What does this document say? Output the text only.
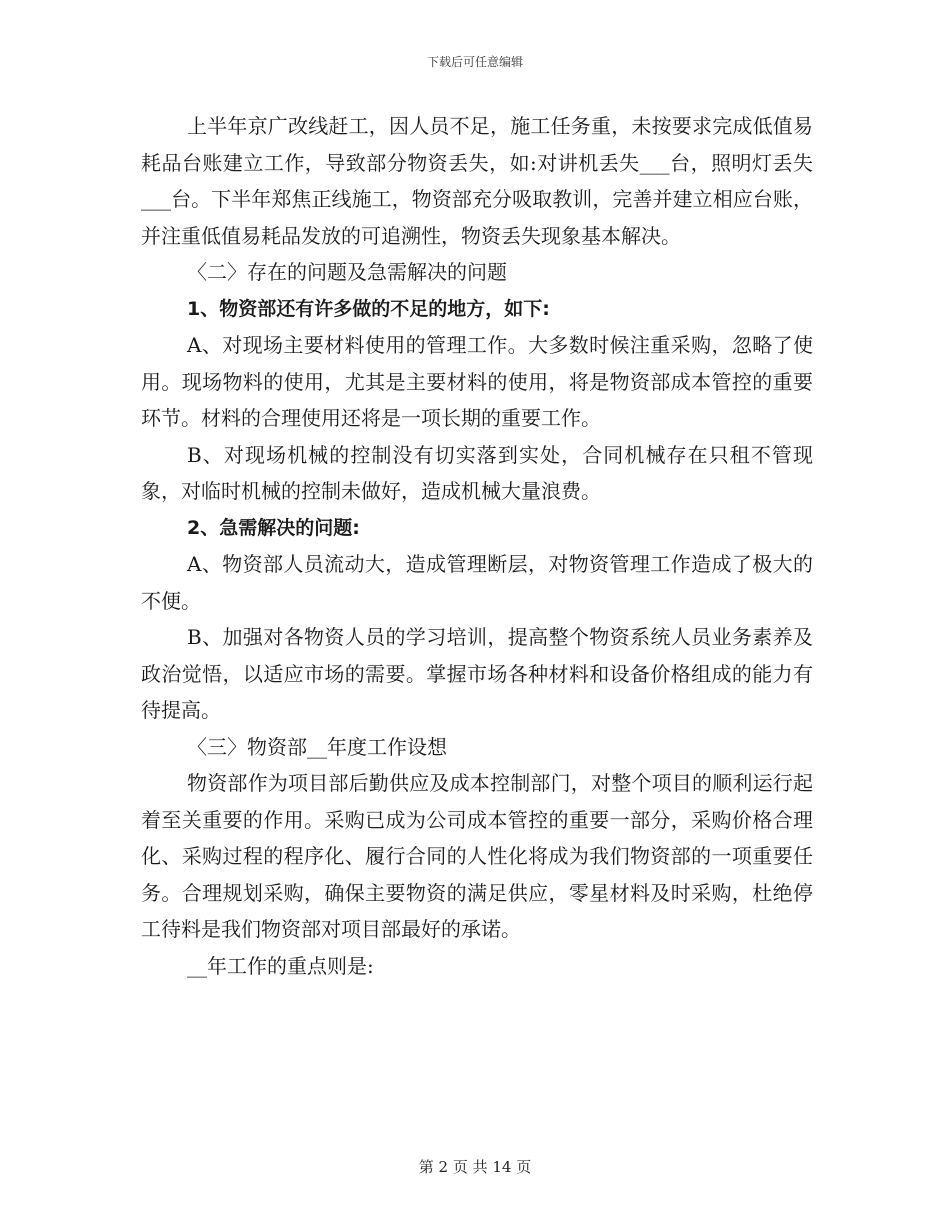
下载后可任意编辑

上半年京广改线赶工，因人员不足，施工任务重，未按要求完成低值易耗品台账建立工作，导致部分物资丢失，如:对讲机丢失___台，照明灯丢失___台。下半年郑焦正线施工，物资部充分吸取教训，完善并建立相应台账，并注重低值易耗品发放的可追溯性，物资丢失现象基本解决。

〈二〉存在的问题及急需解决的问题

1、物资部还有许多做的不足的地方，如下:

A、对现场主要材料使用的管理工作。大多数时候注重采购，忽略了使用。现场物料的使用，尤其是主要材料的使用，将是物资部成本管控的重要环节。材料的合理使用还将是一项长期的重要工作。

B、对现场机械的控制没有切实落到实处，合同机械存在只租不管现象，对临时机械的控制未做好，造成机械大量浪费。

2、急需解决的问题:

A、物资部人员流动大，造成管理断层，对物资管理工作造成了极大的不便。

B、加强对各物资人员的学习培训，提高整个物资系统人员业务素养及政治觉悟，以适应市场的需要。掌握市场各种材料和设备价格组成的能力有待提高。

〈三〉物资部__年度工作设想

物资部作为项目部后勤供应及成本控制部门，对整个项目的顺利运行起着至关重要的作用。采购已成为公司成本管控的重要一部分，采购价格合理化、采购过程的程序化、履行合同的人性化将成为我们物资部的一项重要任务。合理规划采购，确保主要物资的满足供应，零星材料及时采购，杜绝停工待料是我们物资部对项目部最好的承诺。

__年工作的重点则是:

第 2 页 共 14 页
